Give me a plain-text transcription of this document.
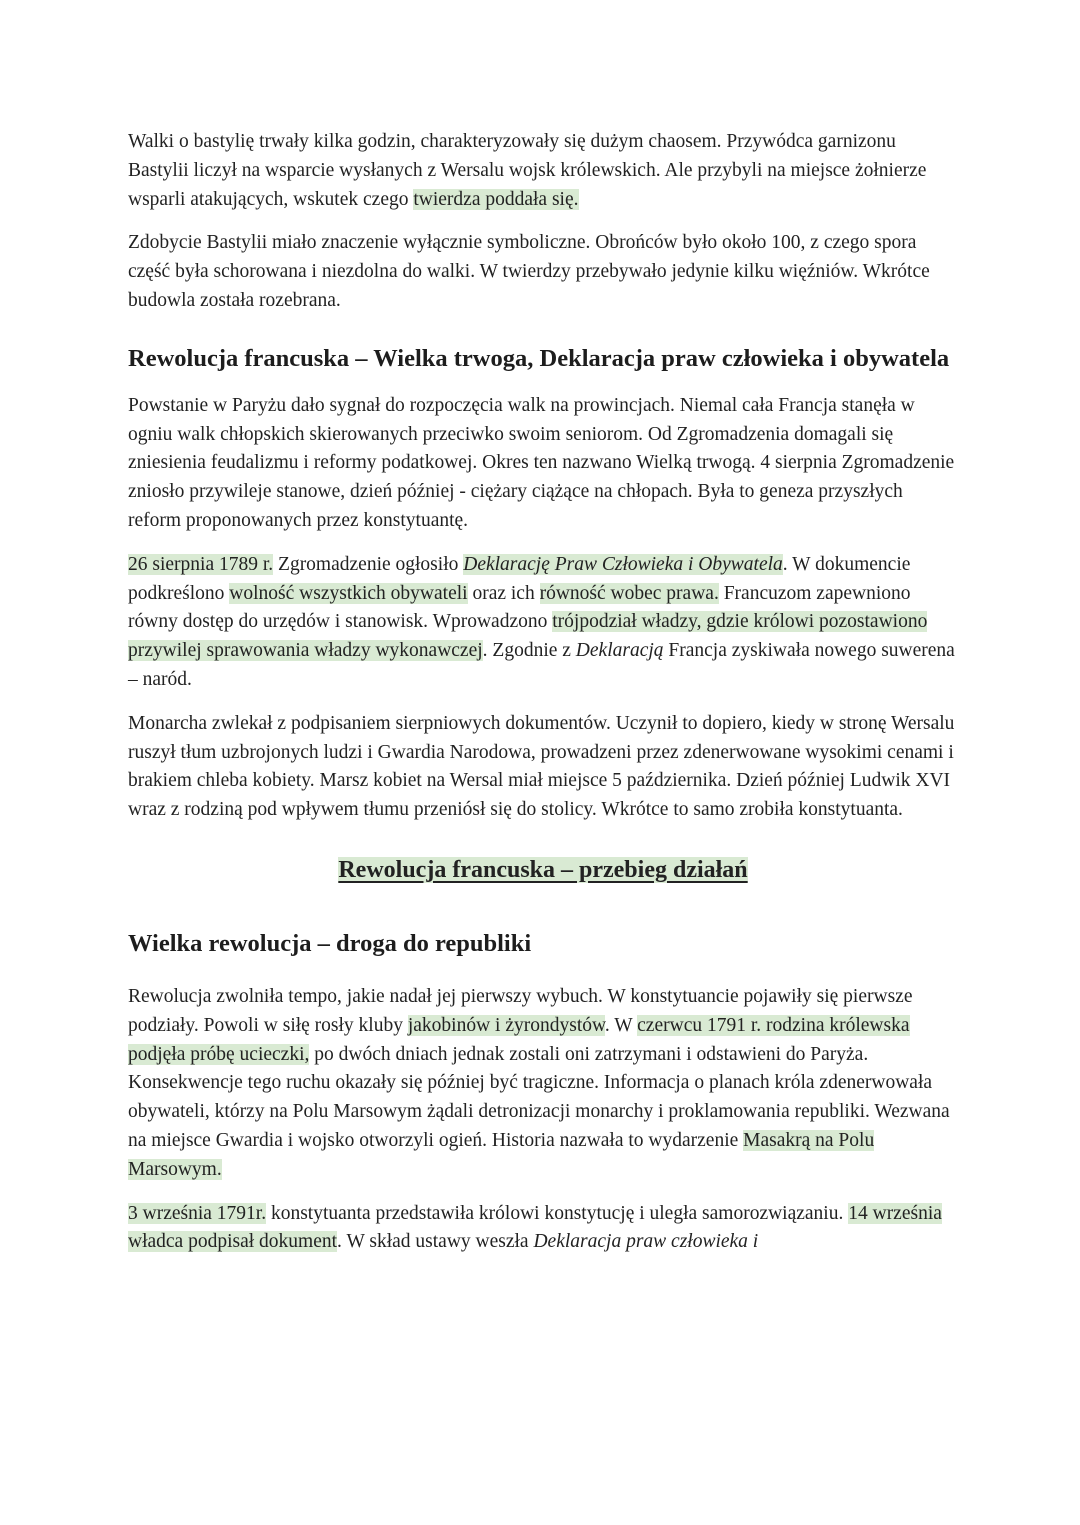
Walki o bastylię trwały kilka godzin, charakteryzowały się dużym chaosem. Przywódca garnizonu Bastylii liczył na wsparcie wysłanych z Wersalu wojsk królewskich. Ale przybyli na miejsce żołnierze wsparli atakujących, wskutek czego twierdza poddała się.

Zdobycie Bastylii miało znaczenie wyłącznie symboliczne. Obrońców było około 100, z czego spora część była schorowana i niezdolna do walki. W twierdzy przebywało jedynie kilku więźniów. Wkrótce budowla została rozebrana.

Rewolucja francuska – Wielka trwoga, Deklaracja praw człowieka i obywatela

Powstanie w Paryżu dało sygnał do rozpoczęcia walk na prowincjach. Niemal cała Francja stanęła w ogniu walk chłopskich skierowanych przeciwko swoim seniorom. Od Zgromadzenia domagali się zniesienia feudalizmu i reformy podatkowej. Okres ten nazwano Wielką trwogą. 4 sierpnia Zgromadzenie zniosło przywileje stanowe, dzień później - ciężary ciążące na chłopach. Była to geneza przyszłych reform proponowanych przez konstytuantę.

26 sierpnia 1789 r. Zgromadzenie ogłosiło Deklarację Praw Człowieka i Obywatela. W dokumencie podkreślono wolność wszystkich obywateli oraz ich równość wobec prawa. Francuzom zapewniono równy dostęp do urzędów i stanowisk. Wprowadzono trójpodział władzy, gdzie królowi pozostawiono przywilej sprawowania władzy wykonawczej. Zgodnie z Deklaracją Francja zyskiwała nowego suwerena – naród.

Monarcha zwlekał z podpisaniem sierpniowych dokumentów. Uczynił to dopiero, kiedy w stronę Wersalu ruszył tłum uzbrojonych ludzi i Gwardia Narodowa, prowadzeni przez zdenerwowane wysokimi cenami i brakiem chleba kobiety. Marsz kobiet na Wersal miał miejsce 5 października. Dzień później Ludwik XVI wraz z rodziną pod wpływem tłumu przeniósł się do stolicy. Wkrótce to samo zrobiła konstytuanta.

Rewolucja francuska – przebieg działań
Wielka rewolucja – droga do republiki

Rewolucja zwolniła tempo, jakie nadał jej pierwszy wybuch. W konstytuancie pojawiły się pierwsze podziały. Powoli w siłę rosły kluby jakobinów i żyrondystów. W czerwcu 1791 r. rodzina królewska podjęła próbę ucieczki, po dwóch dniach jednak zostali oni zatrzymani i odstawieni do Paryża. Konsekwencje tego ruchu okazały się później być tragiczne. Informacja o planach króla zdenerwowała obywateli, którzy na Polu Marsowym żądali detronizacji monarchy i proklamowania republiki. Wezwana na miejsce Gwardia i wojsko otworzyli ogień. Historia nazwała to wydarzenie Masakrą na Polu Marsowym.

3 września 1791r. konstytuanta przedstawiła królowi konstytucję i uległa samorozwiązaniu. 14 września władca podpisał dokument. W skład ustawy weszła Deklaracja praw człowieka i
